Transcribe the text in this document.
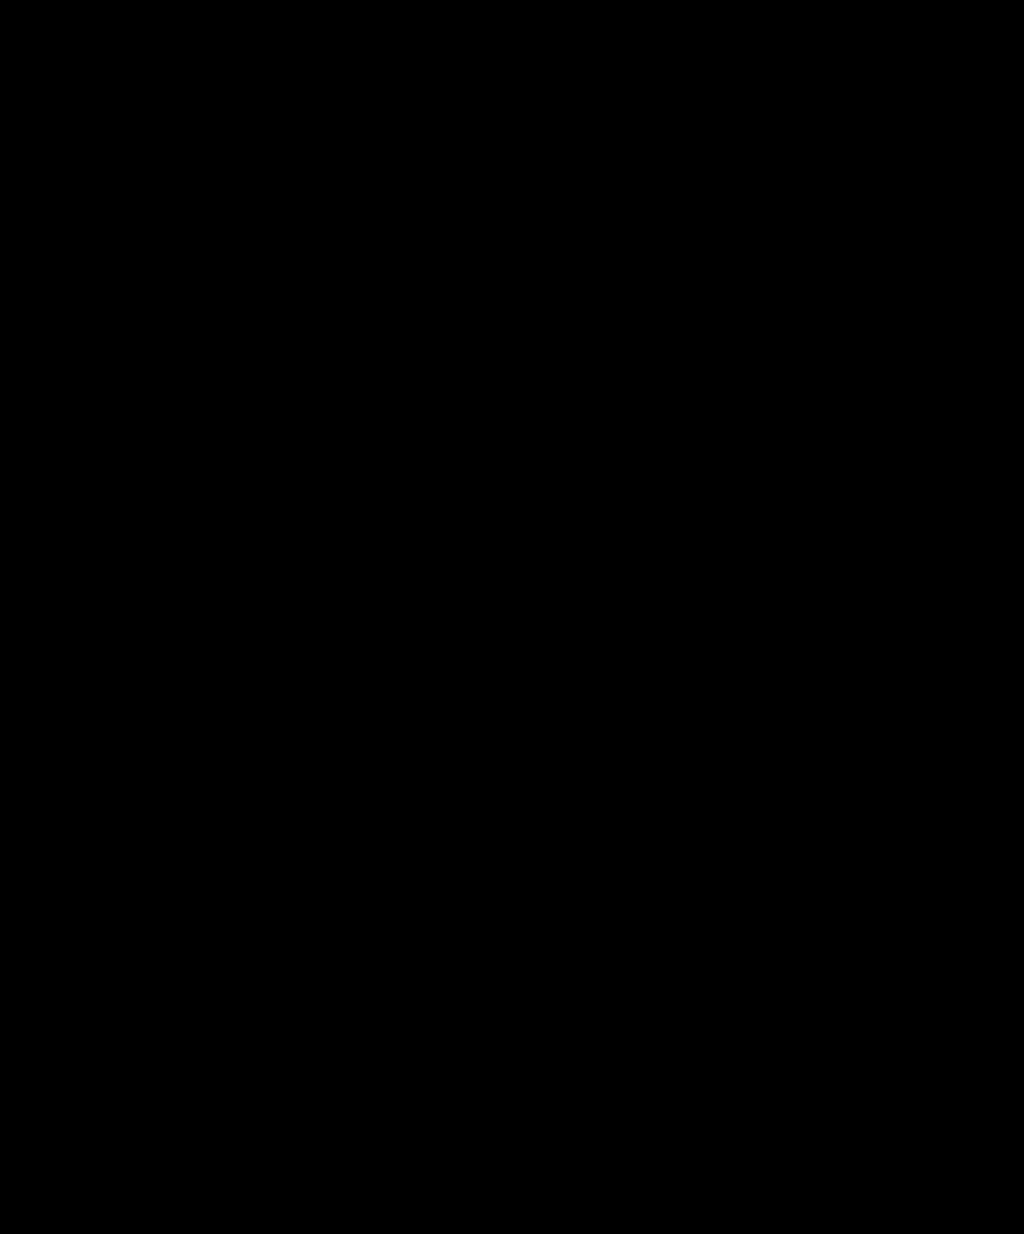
56
Kungl. Maj:t har den 21 juni 1902 förordnat, att det under 2:o här ofvan omför-
mälta kommittébetänkande, i hvad det afsåge ändring af lagen angående lösdrifvares
behandling den 12 juni 1885, skulle jämte de däröfver afgifna utlåtanden och åt-
skilliga genom utrikesdepartementets försorg införskaffade handlingar, innefattande upp-
lysningar om i Tyskland vidtagna åtgärder med zigenare, för vidare behandling öfver-
lämnas till justitiedepartementet.
5:o Riksdagens skrifvelse af den 11 maj 1898, i anledning af Riksdagens år
1897 församlade revisorers berättelse angående verkställd granskning af
statsverkets jämte därtill hörande fonders tillstånd, styrelse och förvaltning
under år 1896. (84.)
Sedan det från kanslern för rikets universitet infordrade utlåtande öfver berörda skrif-
velse, i hvad den afser Uppsala universitet, numera inkommit, har ärendet i denna
del återremitterats till statskontoret,, hvars förnyade yttrande ännu ej inkommit. Be-
träffande den till institutet för blinda å Tomteboda donerade Nybergska fondens för-
valtning under åren 1887—1893 har det från direktionen öfver institutet infordrade
utlåtande ännu ej till Kungl. Maj:t inkommit.
6:o af den 6 maj 1899, angående inrättande vid fullständiga och femklassiga
allmänna läroverk af en utaf viss kompetens åtföljd afgångsexamen för lär-
jungar i 15—16-års-åldern m. m. (84.)
Den af Kungl. Maj:t den 25 maj 1899 för, bland annat, detta ärendes behandling
tillsatta kommitté har den 8 december 1902 afgifvit sitt betänkande, öfver hvilket
yttranden infordrats från vederbörande.
7:o af den 8 maj 1899, angående utredning och förslag till förbättrad vård åt
sådana sinnesslöa, hvilka icke intagas i uppfostringsanstalter och arbets-
hem. (87.)
Sedan det från Konungens befallningshafvande i Kalmar län infordrade yttrande i
ärendet numera inkommit, har ärendet öfverlämnats till civildepartementet.
8:o af den 13 maj 1899, angående regleringen af utgifterna under riksstatens
åttonde hufvudtitel, punkterna 117 och 120. (67.)
Beträffande punkten 117, rörande bidrag till restaurering af Mariakyrkan i Sigtuna,
har det från öfverintendentsämbetet infordrade utlåtande ännu ej inkommit.
Vidkommande punkten 120, om anslag för uppförande af en kapellbyggnad i
Junosuando by af Pajala församling, har Konungens befallningshafvande i Norrbottens
län hos Kungl. Maj:t anmält, bland annat, att, sedan vid entreprenadauktion för in-
fordrande af anbud å kapellbyggnadens uppförande och inredande samt den upplåtna
markens planering och ordnande till begrafningsplats enligt i auktionskungörelsen när-
mare angifna bestämmelser lägsta anbudet, 18,800 kronor, afgifvits af I. Lahti och
R. H. Poromaa, samt efter auktionen åtskilliga anbud till Konungens befallnings-
— 1903 —
